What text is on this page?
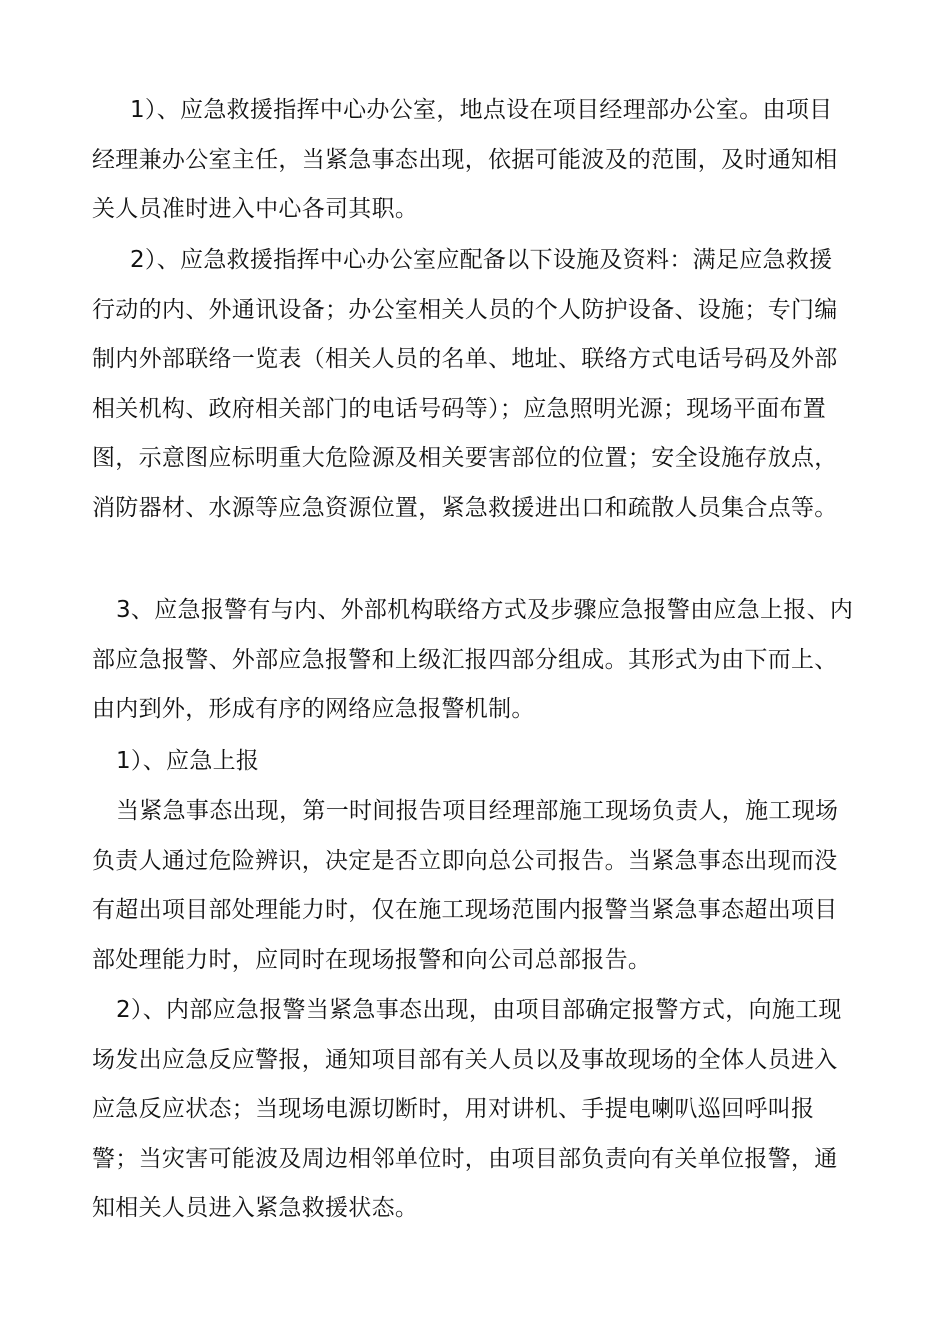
1）、应急救援指挥中心办公室，地点设在项目经理部办公室。由项目经理兼办公室主任，当紧急事态出现，依据可能波及的范围，及时通知相关人员准时进入中心各司其职。

2）、应急救援指挥中心办公室应配备以下设施及资料：满足应急救援行动的内、外通讯设备；办公室相关人员的个人防护设备、设施；专门编制内外部联络一览表（相关人员的名单、地址、联络方式电话号码及外部相关机构、政府相关部门的电话号码等）；应急照明光源；现场平面布置图，示意图应标明重大危险源及相关要害部位的位置；安全设施存放点，消防器材、水源等应急资源位置，紧急救援进出口和疏散人员集合点等。

3、应急报警有与内、外部机构联络方式及步骤应急报警由应急上报、内部应急报警、外部应急报警和上级汇报四部分组成。其形式为由下而上、由内到外，形成有序的网络应急报警机制。

1）、应急上报

当紧急事态出现，第一时间报告项目经理部施工现场负责人，施工现场负责人通过危险辨识，决定是否立即向总公司报告。当紧急事态出现而没有超出项目部处理能力时，仅在施工现场范围内报警当紧急事态超出项目部处理能力时，应同时在现场报警和向公司总部报告。

2）、内部应急报警当紧急事态出现，由项目部确定报警方式，向施工现场发出应急反应警报，通知项目部有关人员以及事故现场的全体人员进入应急反应状态；当现场电源切断时，用对讲机、手提电喇叭巡回呼叫报警；当灾害可能波及周边相邻单位时，由项目部负责向有关单位报警，通知相关人员进入紧急救援状态。
